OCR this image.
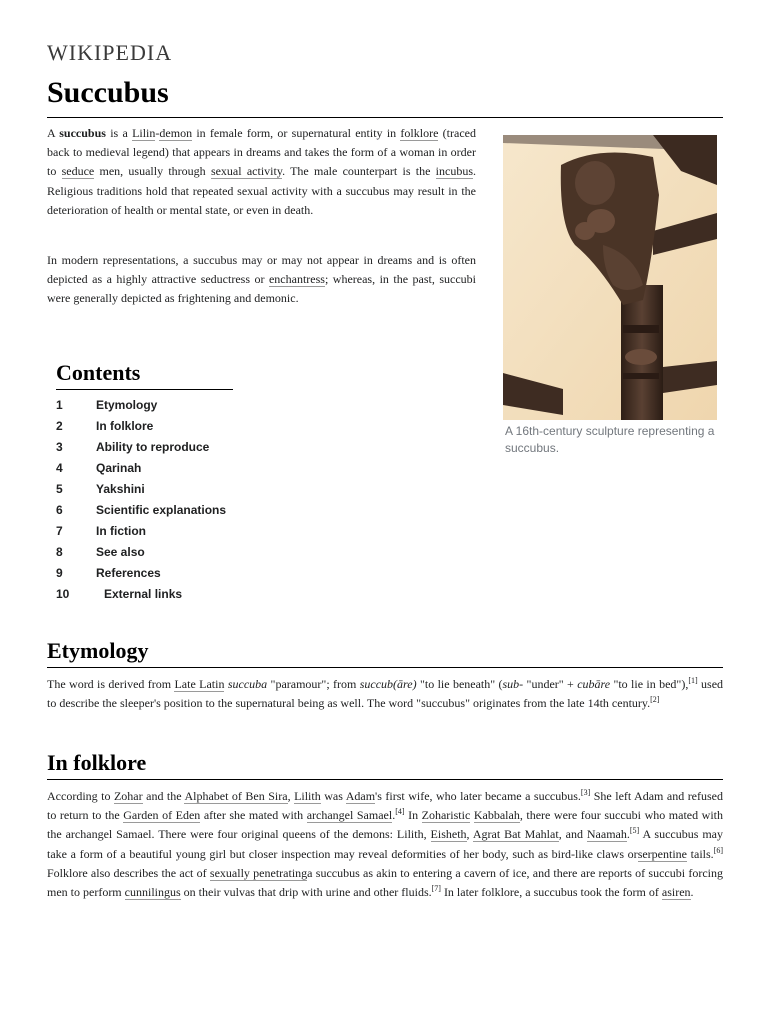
WIKIPEDIA
Succubus

A succubus is a Lilin-demon in female form, or supernatural entity in folklore (traced back to medieval legend) that appears in dreams and takes the form of a woman in order to seduce men, usually through sexual activity. The male counterpart is the incubus. Religious traditions hold that repeated sexual activity with a succubus may result in the deterioration of health or mental state, or even in death.

In modern representations, a succubus may or may not appear in dreams and is often depicted as a highly attractive seductress or enchantress; whereas, in the past, succubi were generally depicted as frightening and demonic.

A 16th-century sculpture representing a succubus.

Contents
1	Etymology
2	In folklore
3	Ability to reproduce
4	Qarinah
5	Yakshini
6	Scientific explanations
7	In fiction
8	See also
9	References
10	External links
Etymology

The word is derived from Late Latin succuba "paramour"; from succub(āre) "to lie beneath" (sub- "under" + cubāre "to lie in bed"),[1] used to describe the sleeper's position to the supernatural being as well. The word "succubus" originates from the late 14th century.[2]

In folklore

According to Zohar and the Alphabet of Ben Sira, Lilith was Adam's first wife, who later became a succubus.[3] She left Adam and refused to return to the Garden of Eden after she mated with archangel Samael.[4] In Zoharistic Kabbalah, there were four succubi who mated with the archangel Samael. There were four original queens of the demons: Lilith, Eisheth, Agrat Bat Mahlat, and Naamah.[5] A succubus may take a form of a beautiful young girl but closer inspection may reveal deformities of her body, such as bird-like claws orserpentine tails.[6] Folklore also describes the act of sexually penetratinga succubus as akin to entering a cavern of ice, and there are reports of succubi forcing men to perform cunnilingus on their vulvas that drip with urine and other fluids.[7] In later folklore, a succubus took the form of asiren.
